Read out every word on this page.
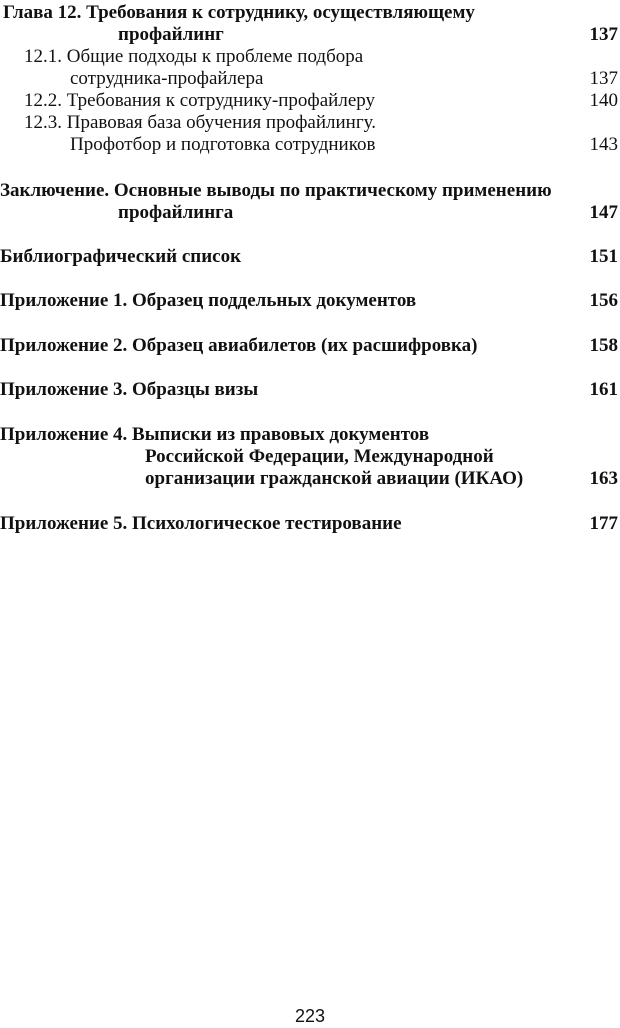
Глава 12. Требования к сотруднику, осуществляющему
профайлинг	137
12.1. Общие подходы к проблеме подбора
сотрудника-профайлера	137
12.2. Требования к сотруднику-профайлеру	140
12.3. Правовая база обучения профайлингу.
Профотбор и подготовка сотрудников	143
Заключение. Основные выводы по практическому применению
профайлинга	147
Библиографический список	151
Приложение 1. Образец поддельных документов	156
Приложение 2. Образец авиабилетов (их расшифровка)	158
Приложение 3. Образцы визы	161
Приложение 4. Выписки из правовых документов
Российской Федерации, Международной
организации гражданской авиации (ИКАО)	163
Приложение 5. Психологическое тестирование	177
223
